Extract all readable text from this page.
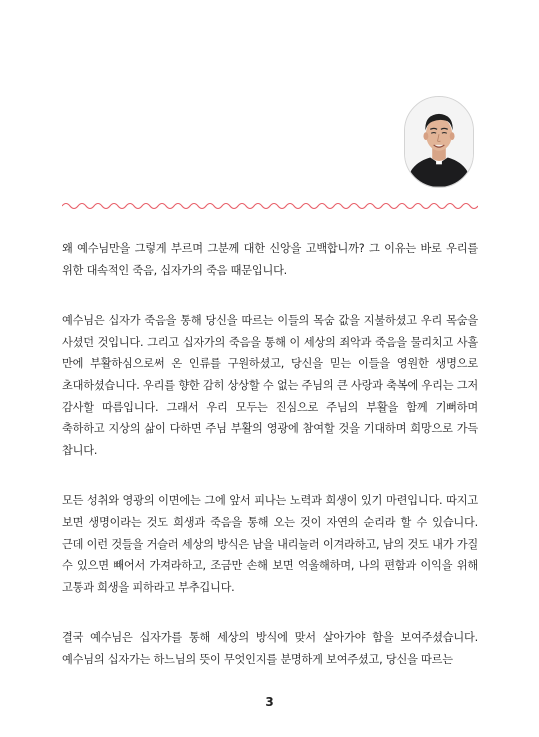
왜 예수님만을 그렇게 부르며 그분께 대한 신앙을 고백합니까? 그 이유는 바로 우리를 위한 대속적인 죽음, 십자가의 죽음 때문입니다.

예수님은 십자가 죽음을 통해 당신을 따르는 이들의 목숨 값을 지불하셨고 우리 목숨을 사셨던 것입니다. 그리고 십자가의 죽음을 통해 이 세상의 죄악과 죽음을 물리치고 사흘 만에 부활하심으로써 온 인류를 구원하셨고, 당신을 믿는 이들을 영원한 생명으로 초대하셨습니다. 우리를 향한 감히 상상할 수 없는 주님의 큰 사랑과 축복에 우리는 그저 감사할 따름입니다. 그래서 우리 모두는 진심으로 주님의 부활을 함께 기뻐하며 축하하고 지상의 삶이 다하면 주님 부활의 영광에 참여할 것을 기대하며 희망으로 가득 찹니다.

모든 성취와 영광의 이면에는 그에 앞서 피나는 노력과 희생이 있기 마련입니다. 따지고 보면 생명이라는 것도 희생과 죽음을 통해 오는 것이 자연의 순리라 할 수 있습니다. 근데 이런 것들을 거슬러 세상의 방식은 남을 내리눌러 이겨라하고, 남의 것도 내가 가질 수 있으면 빼어서 가져라하고, 조금만 손해 보면 억울해하며, 나의 편함과 이익을 위해 고통과 희생을 피하라고 부추깁니다.

결국 예수님은 십자가를 통해 세상의 방식에 맞서 살아가야 함을 보여주셨습니다. 예수님의 십자가는 하느님의 뜻이 무엇인지를 분명하게 보여주셨고, 당신을 따르는

3
